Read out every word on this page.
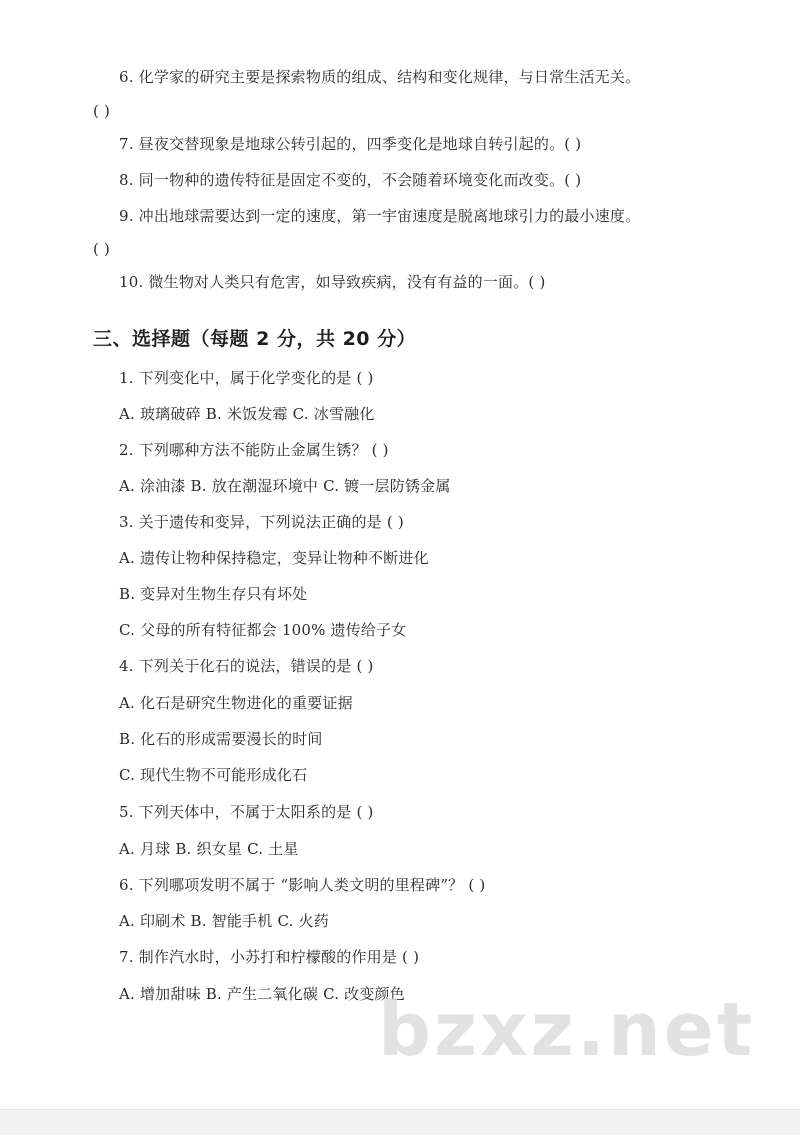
6. 化学家的研究主要是探索物质的组成、结构和变化规律，与日常生活无关。
( )
7. 昼夜交替现象是地球公转引起的，四季变化是地球自转引起的。( )
8. 同一物种的遗传特征是固定不变的，不会随着环境变化而改变。( )
9. 冲出地球需要达到一定的速度，第一宇宙速度是脱离地球引力的最小速度。
( )
10. 微生物对人类只有危害，如导致疾病，没有有益的一面。( )
三、选择题（每题 2 分，共 20 分）
1. 下列变化中，属于化学变化的是 ( )
A. 玻璃破碎 B. 米饭发霉 C. 冰雪融化
2. 下列哪种方法不能防止金属生锈？ ( )
A. 涂油漆 B. 放在潮湿环境中 C. 镀一层防锈金属
3. 关于遗传和变异，下列说法正确的是 ( )
A. 遗传让物种保持稳定，变异让物种不断进化
B. 变异对生物生存只有坏处
C. 父母的所有特征都会 100% 遗传给子女
4. 下列关于化石的说法，错误的是 ( )
A. 化石是研究生物进化的重要证据
B. 化石的形成需要漫长的时间
C. 现代生物不可能形成化石
5. 下列天体中，不属于太阳系的是 ( )
A. 月球 B. 织女星 C. 土星
6. 下列哪项发明不属于 “影响人类文明的里程碑”？ ( )
A. 印刷术 B. 智能手机 C. 火药
7. 制作汽水时，小苏打和柠檬酸的作用是 ( )
A. 增加甜味 B. 产生二氧化碳 C. 改变颜色
bzxz.net
